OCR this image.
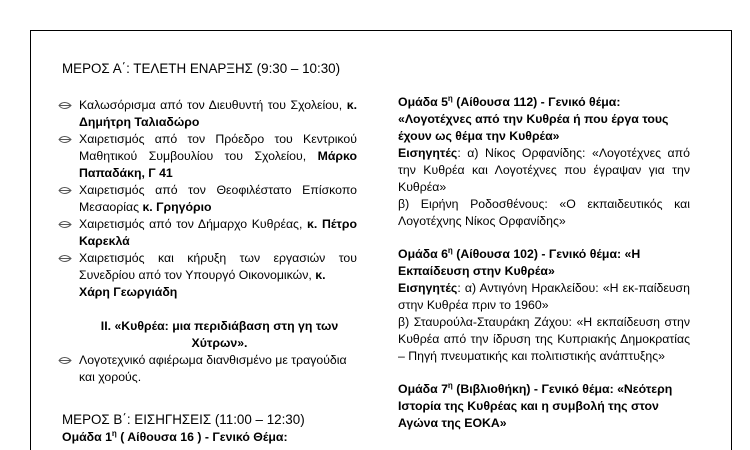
ΜΕΡΟΣ Α΄: ΤΕΛΕΤΗ ΕΝΑΡΞΗΣ (9:30 – 10:30)
Καλωσόρισμα από τον Διευθυντή του Σχολείου, κ. Δημήτρη Ταλιαδώρο
Χαιρετισμός από τον Πρόεδρο του Κεντρικού Μαθητικού Συμβουλίου του Σχολείου, Μάρκο Παπαδάκη, Γ 41
Χαιρετισμός από τον Θεοφιλέστατο Επίσκοπο Μεσαορίας κ. Γρηγόριο
Χαιρετισμός από τον Δήμαρχο Κυθρέας, κ. Πέτρο Καρεκλά
Χαιρετισμός και κήρυξη των εργασιών του Συνεδρίου από τον Υπουργό Οικονομικών, κ.
Χάρη Γεωργιάδη
ΙΙ. «Κυθρέα: μια περιδιάβαση στη γη των Χύτρων».
Λογοτεχνικό αφιέρωμα διανθισμένο με τραγούδια και χορούς.
ΜΕΡΟΣ Β΄: ΕΙΣΗΓΗΣΕΙΣ (11:00 – 12:30)
Ομάδα $1^\eta$ ( Αίθουσα 16 ) - Γενικό Θέμα:
Ομάδα $5^\eta$ (Αίθουσα 112) - Γενικό θέμα:
«Λογοτέχνες από την Κυθρέα ή που έργα τους έχουν ως θέμα την Κυθρέα»

Εισηγητές: α) Νίκος Ορφανίδης: «Λογοτέχνες από την Κυθρέα και Λογοτέχνες που έγραψαν για την Κυθρέα»

β) Ειρήνη Ροδοσθένους: «Ο εκπαιδευτικός και Λογοτέχνης Νίκος Ορφανίδης»

Ομάδα $6^\eta$ (Αίθουσα 102) - Γενικό θέμα: «Η Εκπαίδευση στην Κυθρέα»

Εισηγητές: α) Αντιγόνη Ηρακλείδου: «Η εκ-παίδευση στην Κυθρέα πριν το 1960»

β) Σταυρούλα-Σταυράκη Ζάχου: «Η εκπαίδευση στην Κυθρέα από την ίδρυση της Κυπριακής Δημοκρατίας – Πηγή πνευματικής και πολιτιστικής ανάπτυξης»

Ομάδα $7^\eta$ (Βιβλιοθήκη) - Γενικό θέμα: «Νεότερη Ιστορία της Κυθρέας και η συμβολή της στον Αγώνα της ΕΟΚΑ»
